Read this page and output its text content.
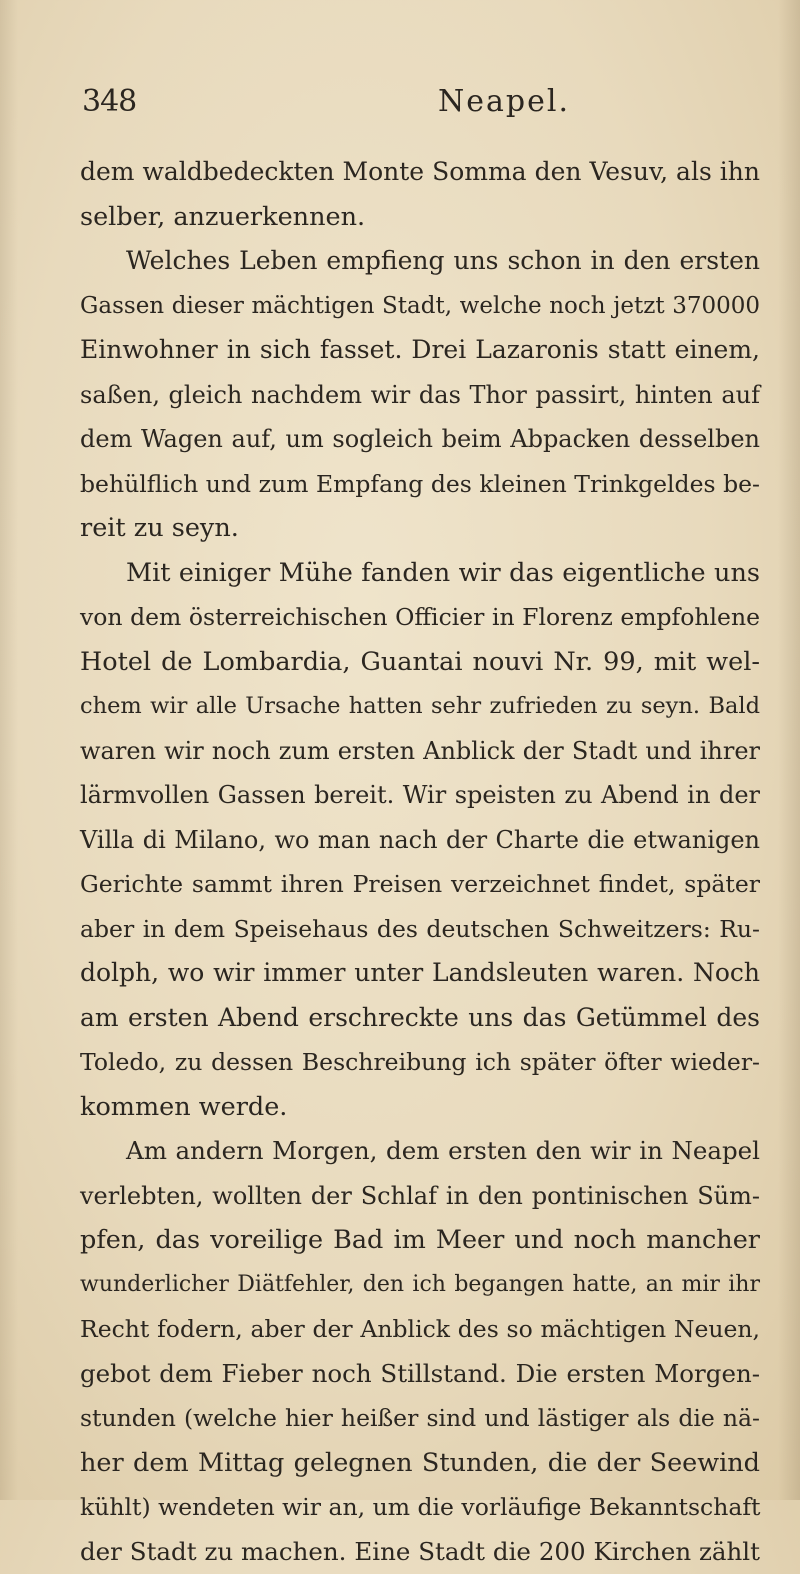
348	Neapel.
dem waldbedeckten Monte Somma den Vesuv, als ihn
selber, anzuerkennen.
Welches Leben empfieng uns schon in den ersten
Gassen dieser mächtigen Stadt, welche noch jetzt 370000
Einwohner in sich fasset. Drei Lazaronis statt einem,
saßen, gleich nachdem wir das Thor passirt, hinten auf
dem Wagen auf, um sogleich beim Abpacken desselben
behülflich und zum Empfang des kleinen Trinkgeldes be-
reit zu seyn.
Mit einiger Mühe fanden wir das eigentliche uns
von dem österreichischen Officier in Florenz empfohlene
Hotel de Lombardia, Guantai nouvi Nr. 99, mit wel-
chem wir alle Ursache hatten sehr zufrieden zu seyn. Bald
waren wir noch zum ersten Anblick der Stadt und ihrer
lärmvollen Gassen bereit. Wir speisten zu Abend in der
Villa di Milano, wo man nach der Charte die etwanigen
Gerichte sammt ihren Preisen verzeichnet findet, später
aber in dem Speisehaus des deutschen Schweitzers: Ru-
dolph, wo wir immer unter Landsleuten waren. Noch
am ersten Abend erschreckte uns das Getümmel des
Toledo, zu dessen Beschreibung ich später öfter wieder-
kommen werde.
Am andern Morgen, dem ersten den wir in Neapel
verlebten, wollten der Schlaf in den pontinischen Süm-
pfen, das voreilige Bad im Meer und noch mancher
wunderlicher Diätfehler, den ich begangen hatte, an mir ihr
Recht fodern, aber der Anblick des so mächtigen Neuen,
gebot dem Fieber noch Stillstand. Die ersten Morgen-
stunden (welche hier heißer sind und lästiger als die nä-
her dem Mittag gelegnen Stunden, die der Seewind
kühlt) wendeten wir an, um die vorläufige Bekanntschaft
der Stadt zu machen. Eine Stadt die 200 Kirchen zählt
